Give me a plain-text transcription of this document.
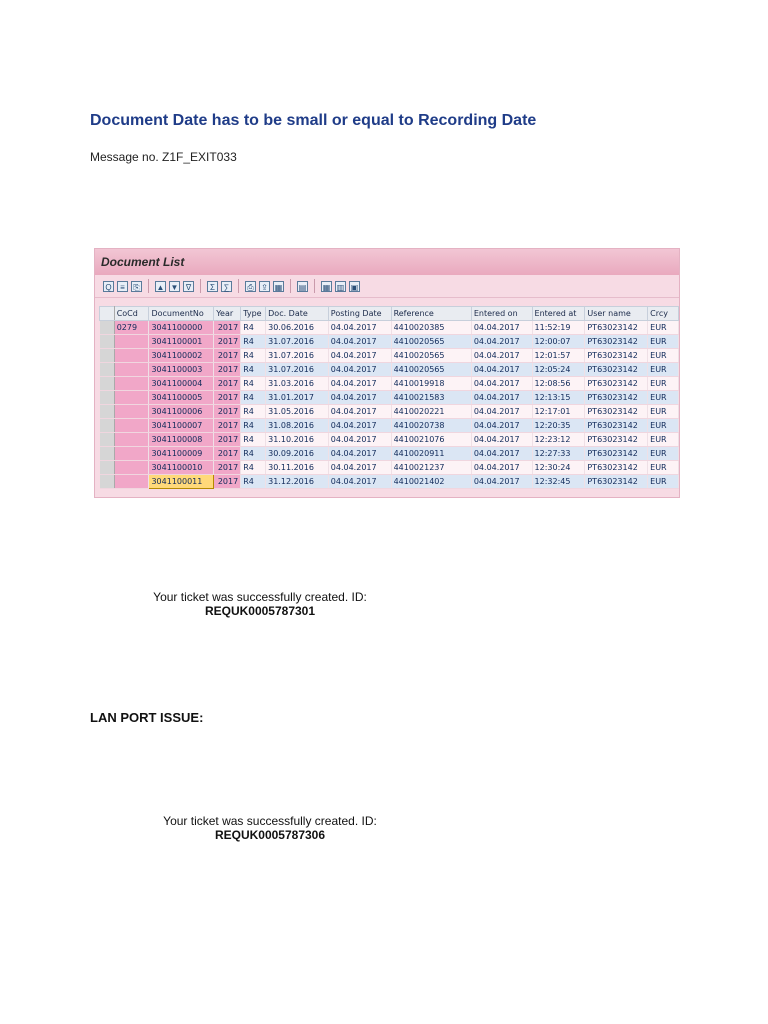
Document Date has to be small or equal to Recording Date
Message no. Z1F_EXIT033
Document List
Q	≡	⎘ ▲ ▼ ∇	Σ	∑	⎙ ⇪ ▦ ▤ ▦ ▥ ▣
	CoCd	DocumentNo	Year	Type	Doc. Date	Posting Date	Reference	Entered on	Entered at	User name	Crcy
	0279	3041100000	2017	R4	30.06.2016	04.04.2017	4410020385	04.04.2017	11:52:19	PT63023142	EUR
		3041100001	2017	R4	31.07.2016	04.04.2017	4410020565	04.04.2017	12:00:07	PT63023142	EUR
		3041100002	2017	R4	31.07.2016	04.04.2017	4410020565	04.04.2017	12:01:57	PT63023142	EUR
		3041100003	2017	R4	31.07.2016	04.04.2017	4410020565	04.04.2017	12:05:24	PT63023142	EUR
		3041100004	2017	R4	31.03.2016	04.04.2017	4410019918	04.04.2017	12:08:56	PT63023142	EUR
		3041100005	2017	R4	31.01.2017	04.04.2017	4410021583	04.04.2017	12:13:15	PT63023142	EUR
		3041100006	2017	R4	31.05.2016	04.04.2017	4410020221	04.04.2017	12:17:01	PT63023142	EUR
		3041100007	2017	R4	31.08.2016	04.04.2017	4410020738	04.04.2017	12:20:35	PT63023142	EUR
		3041100008	2017	R4	31.10.2016	04.04.2017	4410021076	04.04.2017	12:23:12	PT63023142	EUR
		3041100009	2017	R4	30.09.2016	04.04.2017	4410020911	04.04.2017	12:27:33	PT63023142	EUR
		3041100010	2017	R4	30.11.2016	04.04.2017	4410021237	04.04.2017	12:30:24	PT63023142	EUR
		3041100011	2017	R4	31.12.2016	04.04.2017	4410021402	04.04.2017	12:32:45	PT63023142	EUR
Your ticket was successfully created. ID:
REQUK0005787301
LAN PORT ISSUE:
Your ticket was successfully created. ID:
REQUK0005787306
